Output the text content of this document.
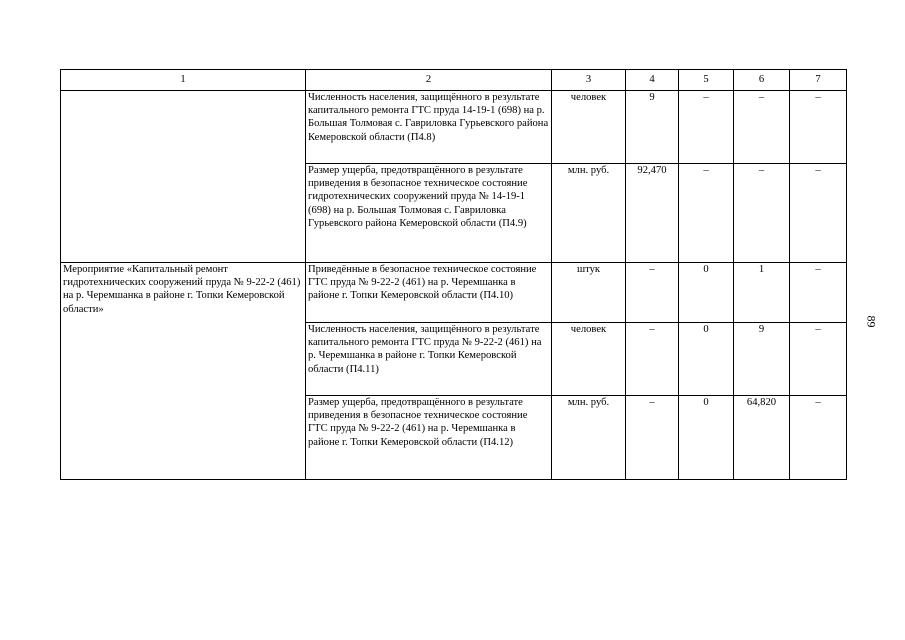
1	2	3	4	5	6	7
	Численность населения, защищённого в результате капитального ремонта ГТС пруда 14-19-1 (698) на р. Большая Толмовая с. Гавриловка Гурьевского района Кемеровской области (П4.8)	человек	9	–	–	–
	Размер ущерба, предотвращённого в результате приведения в безопасное техническое состояние гидротехнических сооружений пруда № 14-19-1 (698) на р. Большая Толмовая с. Гавриловка Гурьевского района Кемеровской области (П4.9)	млн. руб.	92,470	–	–	–
Мероприятие «Капитальный ремонт гидротехнических сооружений пруда № 9-22-2 (461) на р. Черемшанка в районе г. Топки Кемеровской области»	Приведённые в безопасное техническое состояние ГТС пруда № 9-22-2 (461) на р. Черемшанка в районе г. Топки Кемеровской области (П4.10)	штук	–	0	1	–
	Численность населения, защищённого в результате капитального ремонта ГТС пруда № 9-22-2 (461) на р. Черемшанка в районе г. Топки Кемеровской области (П4.11)	человек	–	0	9	–
	Размер ущерба, предотвращённого в результате приведения в безопасное техническое состояние ГТС пруда № 9-22-2 (461) на р. Черемшанка в районе г. Топки Кемеровской области (П4.12)	млн. руб.	–	0	64,820	–
89
